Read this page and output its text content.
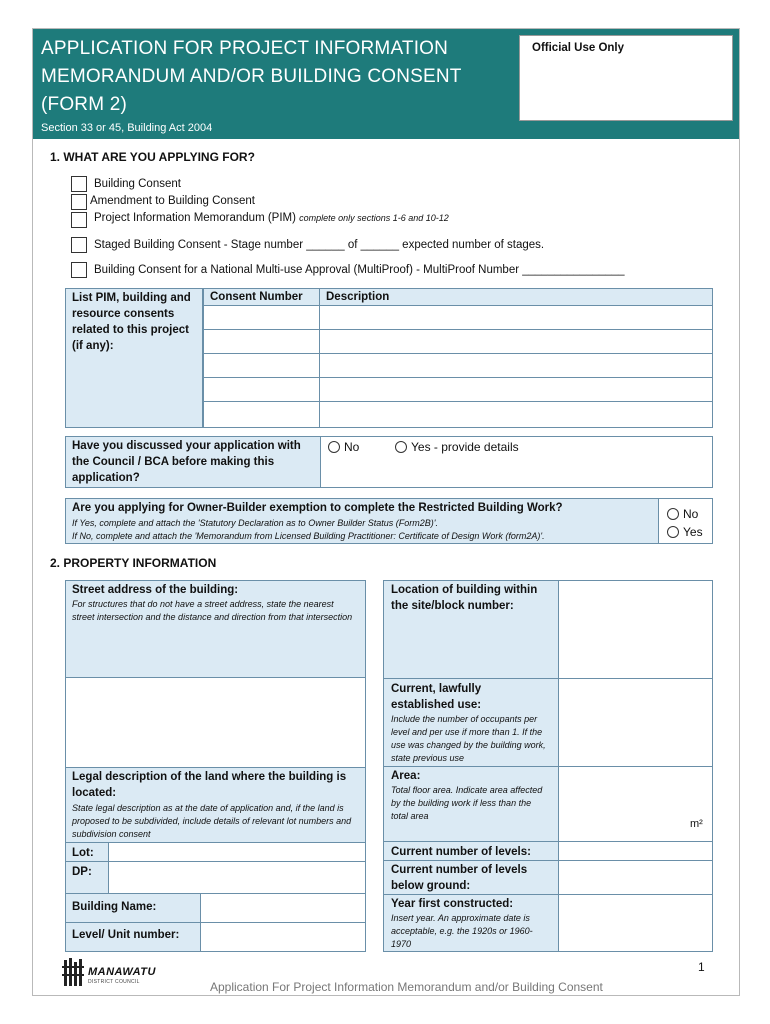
APPLICATION FOR PROJECT INFORMATION
MEMORANDUM AND/OR BUILDING CONSENT
(FORM 2)
Section 33 or 45, Building Act 2004
Official Use Only
1. WHAT ARE YOU APPLYING FOR?
Building Consent
Amendment to Building Consent
Project Information Memorandum (PIM) complete only sections 1-6 and 10-12
Staged Building Consent - Stage number ______ of ______ expected number of stages.
Building Consent for a National Multi-use Approval (MultiProof) - MultiProof Number ________________
List PIM, building and resource consents related to this project (if any):
Consent Number Description
Have you discussed your application with the Council / BCA before making this application?
No	Yes - provide details
Are you applying for Owner-Builder exemption to complete the Restricted Building Work?
If Yes, complete and attach the 'Statutory Declaration as to Owner Builder Status (Form2B)'.
If No, complete and attach the 'Memorandum from Licensed Building Practitioner: Certificate of Design Work (form2A)'.
No
Yes
2. PROPERTY INFORMATION
Street address of the building:
For structures that do not have a street address, state the nearest street intersection and the distance and direction from that intersection
Legal description of the land where the building is located:
State legal description as at the date of application and, if the land is proposed to be subdivided, include details of relevant lot numbers and subdivision consent
Lot:
DP:
Building Name:
Level/ Unit number:
Location of building within the site/block number:
Current, lawfully established use:
Include the number of occupants per level and per use if more than 1. If the use was changed by the building work, state previous use
Area:
Total floor area. Indicate area affected by the building work if less than the total area
m²
Current number of levels:
Current number of levels below ground:
Year first constructed:
Insert year. An approximate date is acceptable, e.g. the 1920s or 1960-1970
1
MANAWATU
DISTRICT COUNCIL	Application For Project Information Memorandum and/or Building Consent
